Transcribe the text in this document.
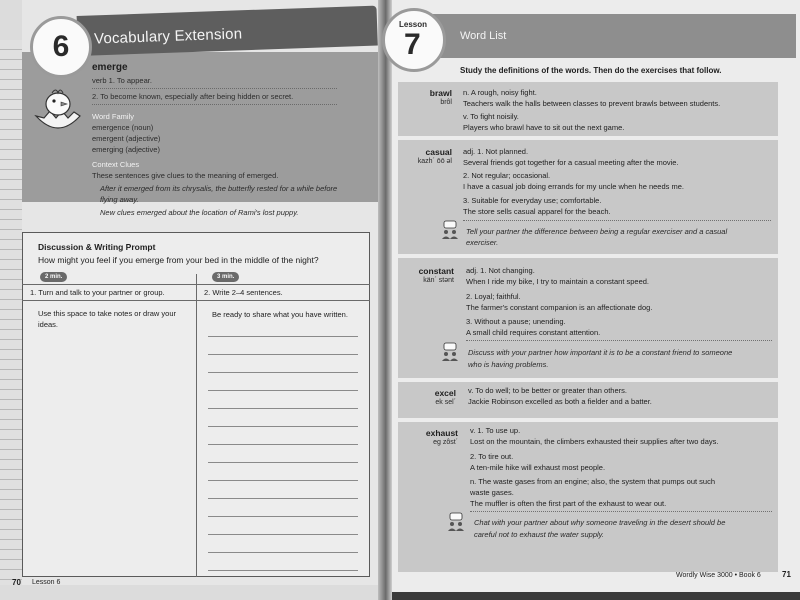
Vocabulary Extension
6
emerge
verb 1. To appear.
2. To become known, especially after being hidden or secret.
Word Family
emergence (noun)
emergent (adjective)
emerging (adjective)
Context Clues
These sentences give clues to the meaning of emerged.
After it emerged from its chrysalis, the butterfly rested for a while before
flying away.
New clues emerged about the location of Rami's lost puppy.
Discussion & Writing Prompt
How might you feel if you emerge from your bed in the middle of the night?
2 min.	3 min.
1. Turn and talk to your partner or group.	2. Write 2–4 sentences.
Use this space to take notes or draw your ideas.
Be ready to share what you have written.
70 Lesson 6
Lesson
7	Word List
Study the definitions of the words. Then do the exercises that follow.
brawl
brôl
n. A rough, noisy fight.
Teachers walk the halls between classes to prevent brawls between students.
v. To fight noisily.
Players who brawl have to sit out the next game.
casual
kazh´ ōō əl
adj. 1. Not planned.
Several friends got together for a casual meeting after the movie.
2. Not regular; occasional.
I have a casual job doing errands for my uncle when he needs me.
3. Suitable for everyday use; comfortable.
The store sells casual apparel for the beach.
Tell your partner the difference between being a regular exerciser and a casual
exerciser.
constant
kän´ stənt
adj. 1. Not changing.
When I ride my bike, I try to maintain a constant speed.
2. Loyal; faithful.
The farmer's constant companion is an affectionate dog.
3. Without a pause; unending.
A small child requires constant attention.
Discuss with your partner how important it is to be a constant friend to someone
who is having problems.
excel
ek sel´
v. To do well; to be better or greater than others.
Jackie Robinson excelled as both a fielder and a batter.
exhaust
eg zôst´
v. 1. To use up.
Lost on the mountain, the climbers exhausted their supplies after two days.
2. To tire out.
A ten-mile hike will exhaust most people.
n. The waste gases from an engine; also, the system that pumps out such
waste gases.
The muffler is often the first part of the exhaust to wear out.
Chat with your partner about why someone traveling in the desert should be
careful not to exhaust the water supply.
Wordly Wise 3000 • Book 6	71
